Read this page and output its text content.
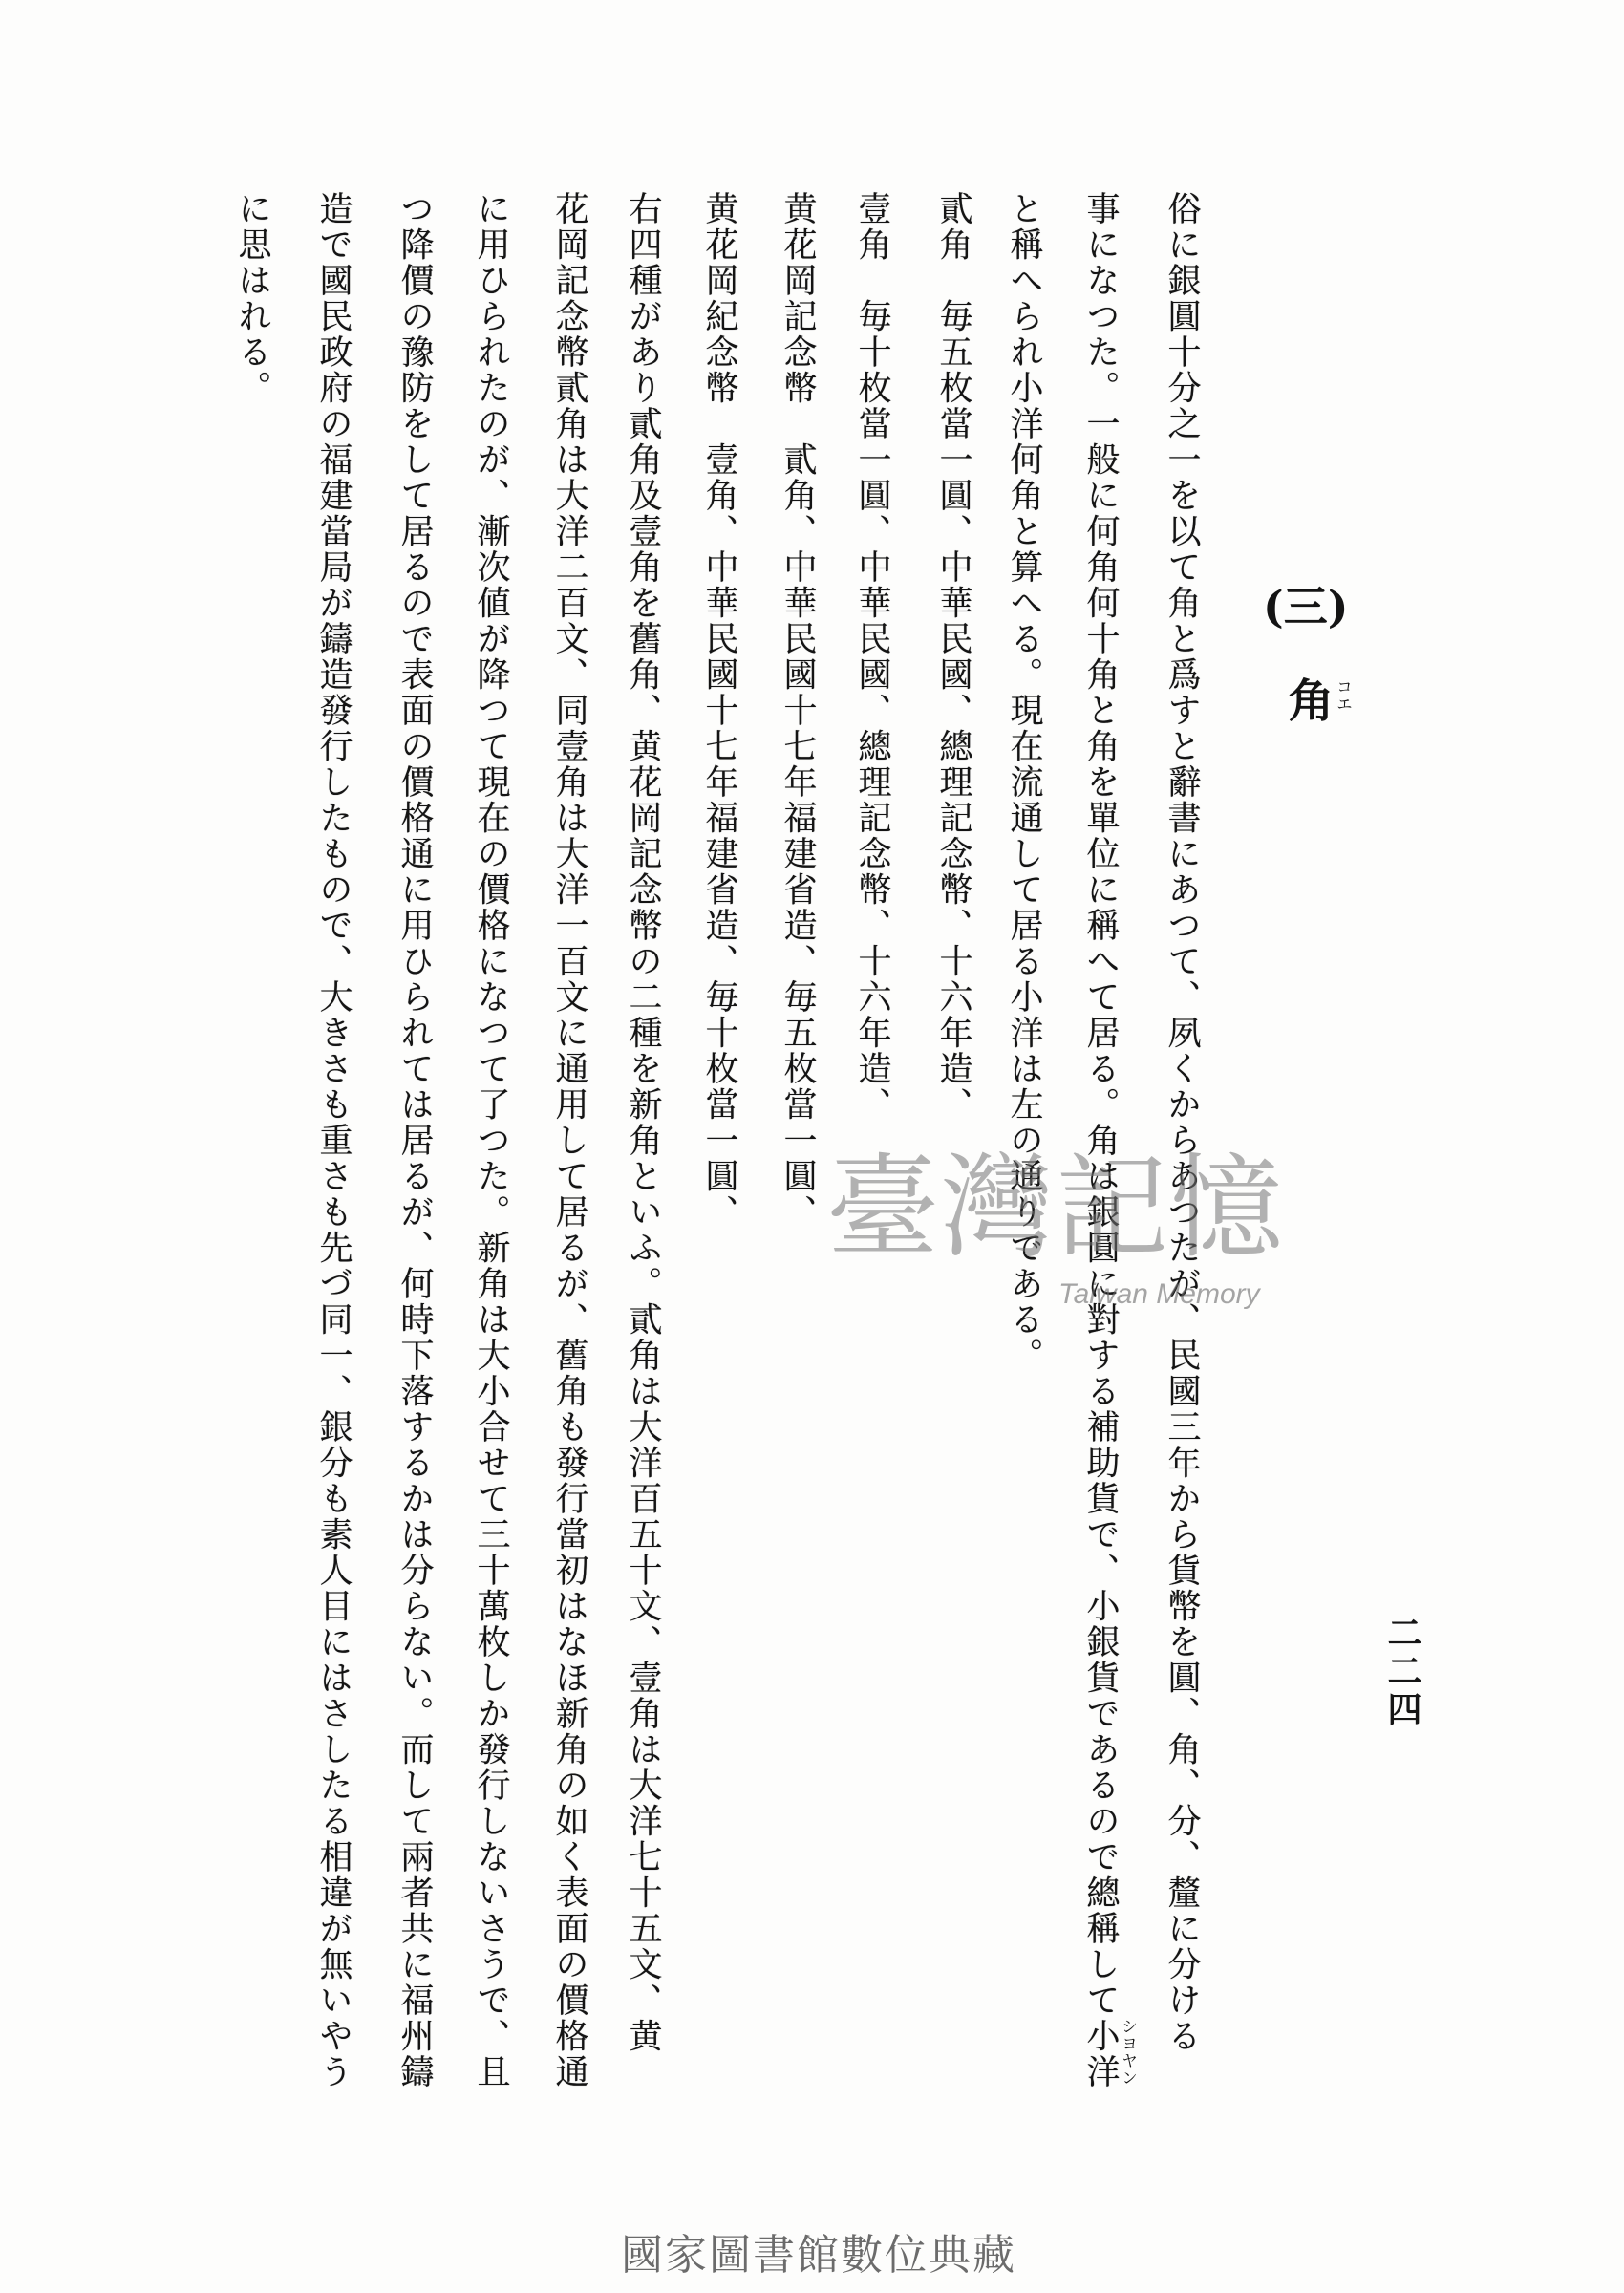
二二四
(三)
角 コエ
俗に銀圓十分之一を以て角と爲すと辭書にあつて、夙くからあつたが、民國三年から貨幣を圓、角、分、釐に分ける
事になつた。一般に何角何十角と角を單位に稱へて居る。角は銀圓に對する補助貨で、小銀貨であるので總稱して小洋
シヨヤン
と稱へられ小洋何角と算へる。現在流通して居る小洋は左の通りである。
貳角　毎五枚當一圓、中華民國、總理記念幣、十六年造、
壹角　毎十枚當一圓、中華民國、總理記念幣、十六年造、
黄花岡記念幣　貳角、中華民國十七年福建省造、毎五枚當一圓、
黄花岡紀念幣　壹角、中華民國十七年福建省造、毎十枚當一圓、
右四種があり貳角及壹角を舊角、黄花岡記念幣の二種を新角といふ。貳角は大洋百五十文、壹角は大洋七十五文、黄
花岡記念幣貳角は大洋二百文、同壹角は大洋一百文に通用して居るが、舊角も發行當初はなほ新角の如く表面の價格通
に用ひられたのが、漸次値が降つて現在の價格になつて了つた。新角は大小合せて三十萬枚しか發行しないさうで、且
つ降價の豫防をして居るので表面の價格通に用ひられては居るが、何時下落するかは分らない。而して兩者共に福州鑄
造で國民政府の福建當局が鑄造發行したもので、大きさも重さも先づ同一、銀分も素人目にはさしたる相違が無いやう
に思はれる。
臺灣記憶
Taiwan Memory
國家圖書館數位典藏
